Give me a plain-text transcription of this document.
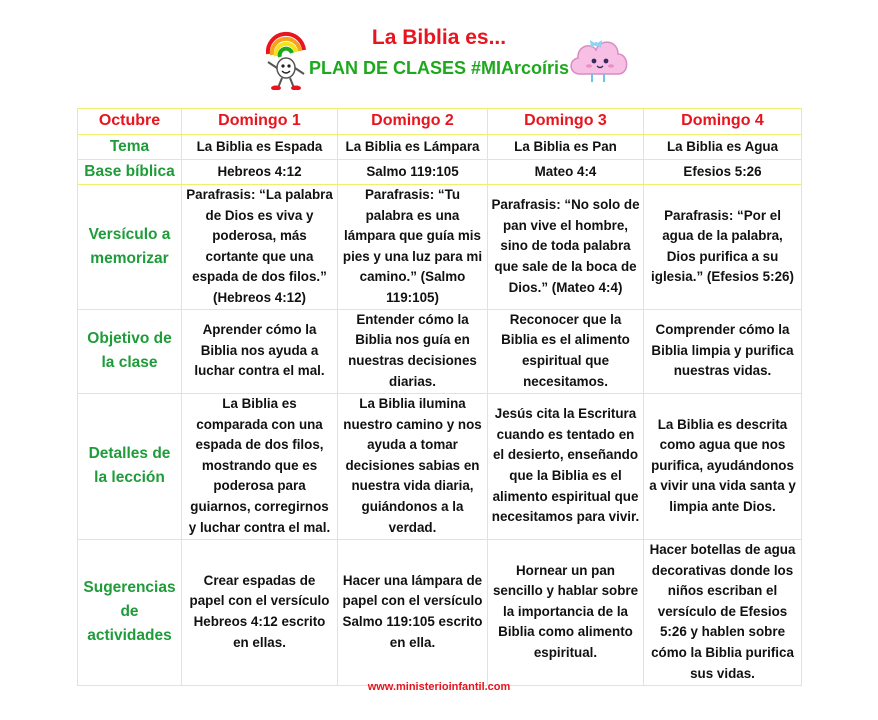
La Biblia es...
PLAN DE CLASES #MIArcoíris
Octubre	Domingo 1	Domingo 2	Domingo 3	Domingo 4
Tema	La Biblia es Espada	La Biblia es Lámpara	La Biblia es Pan	La Biblia es Agua
Base bíblica	Hebreos 4:12	Salmo 119:105	Mateo 4:4	Efesios 5:26
Versículo a memorizar	Parafrasis: “La palabra de Dios es viva y poderosa, más cortante que una espada de dos filos.” (Hebreos 4:12)	Parafrasis: “Tu palabra es una lámpara que guía mis pies y una luz para mi camino.” (Salmo 119:105)	Parafrasis: “No solo de pan vive el hombre, sino de toda palabra que sale de la boca de Dios.” (Mateo 4:4)	Parafrasis: “Por el agua de la palabra, Dios purifica a su iglesia.” (Efesios 5:26)
Objetivo de la clase	Aprender cómo la Biblia nos ayuda a luchar contra el mal.	Entender cómo la Biblia nos guía en nuestras decisiones diarias.	Reconocer que la Biblia es el alimento espiritual que necesitamos.	Comprender cómo la Biblia limpia y purifica nuestras vidas.
Detalles de la lección	La Biblia es comparada con una espada de dos filos, mostrando que es poderosa para guiarnos, corregirnos y luchar contra el mal.	La Biblia ilumina nuestro camino y nos ayuda a tomar decisiones sabias en nuestra vida diaria, guiándonos a la verdad.	Jesús cita la Escritura cuando es tentado en el desierto, enseñando que la Biblia es el alimento espiritual que necesitamos para vivir.	La Biblia es descrita como agua que nos purifica, ayudándonos a vivir una vida santa y limpia ante Dios.
Sugerencias de actividades	Crear espadas de papel con el versículo Hebreos 4:12 escrito en ellas.	Hacer una lámpara de papel con el versículo Salmo 119:105 escrito en ella.	Hornear un pan sencillo y hablar sobre la importancia de la Biblia como alimento espiritual.	Hacer botellas de agua decorativas donde los niños escriban el versículo de Efesios 5:26 y hablen sobre cómo la Biblia purifica sus vidas.
www.ministerioinfantil.com
